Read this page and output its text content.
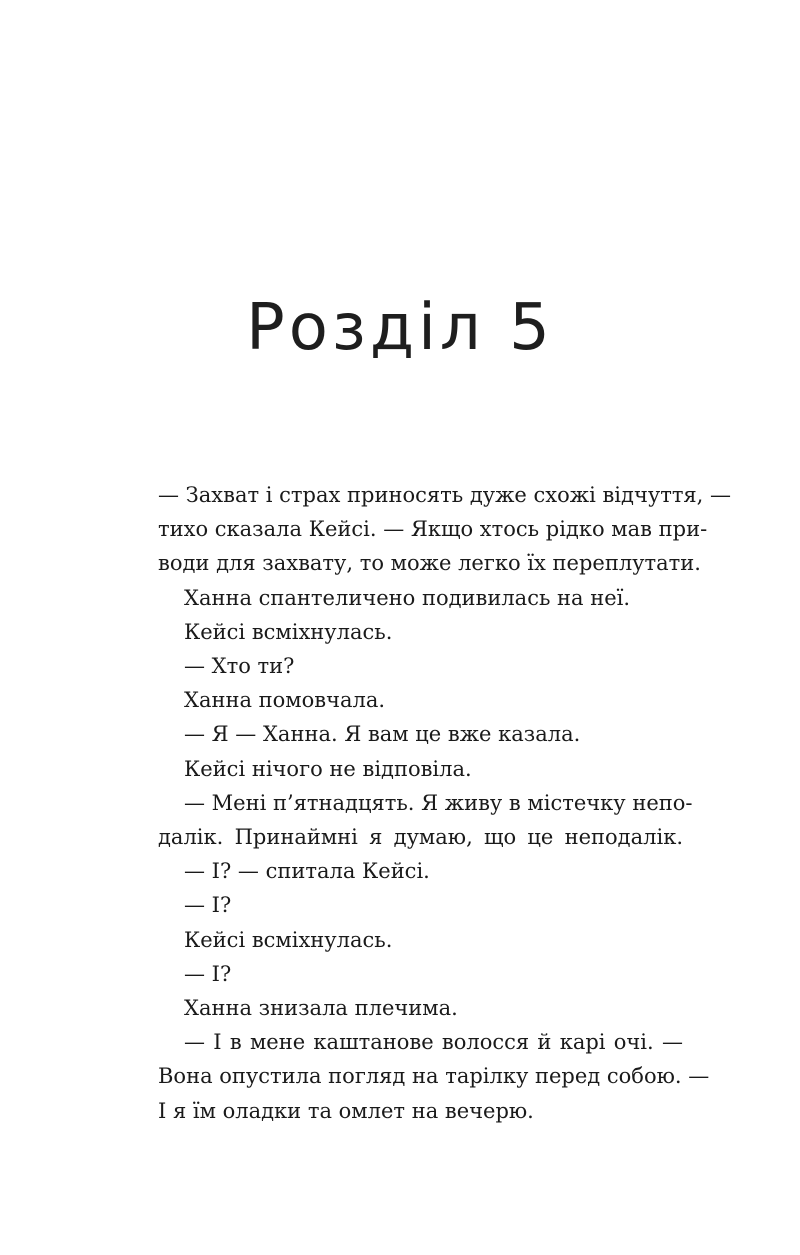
Розділ 5
— Захват і страх приносять дуже схожі відчуття, —
тихо сказала Кейсі. — Якщо хтось рідко мав при-
води для захвату, то може легко їх переплутати.
Ханна спантеличено подивилась на неї.
Кейсі всміхнулась.
— Хто ти?
Ханна помовчала.
— Я — Ханна. Я вам це вже казала.
Кейсі нічого не відповіла.
— Мені п’ятнадцять. Я живу в містечку непо-
далік. Принаймні я думаю, що це неподалік.
— І? — спитала Кейсі.
— І?
Кейсі всміхнулась.
— І?
Ханна знизала плечима.
— І в мене каштанове волосся й карі очі. —
Вона опустила погляд на тарілку перед собою. —
І я їм оладки та омлет на вечерю.
